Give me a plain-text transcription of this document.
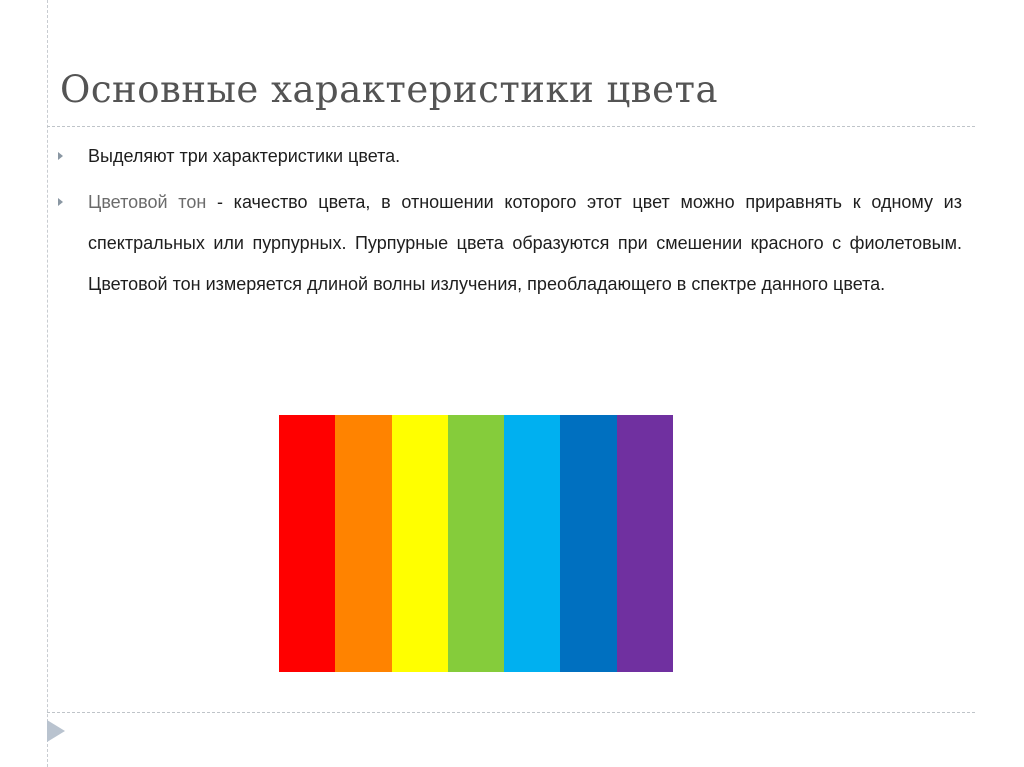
Основные характеристики цвета
Выделяют три характеристики цвета.
Цветовой тон - качество цвета, в отношении которого этот цвет можно приравнять к одному из спектральных или пурпурных. Пурпурные цвета образуются при смешении красного с фиолетовым. Цветовой тон измеряется длиной волны излучения, преобладающего в спектре данного цвета.
